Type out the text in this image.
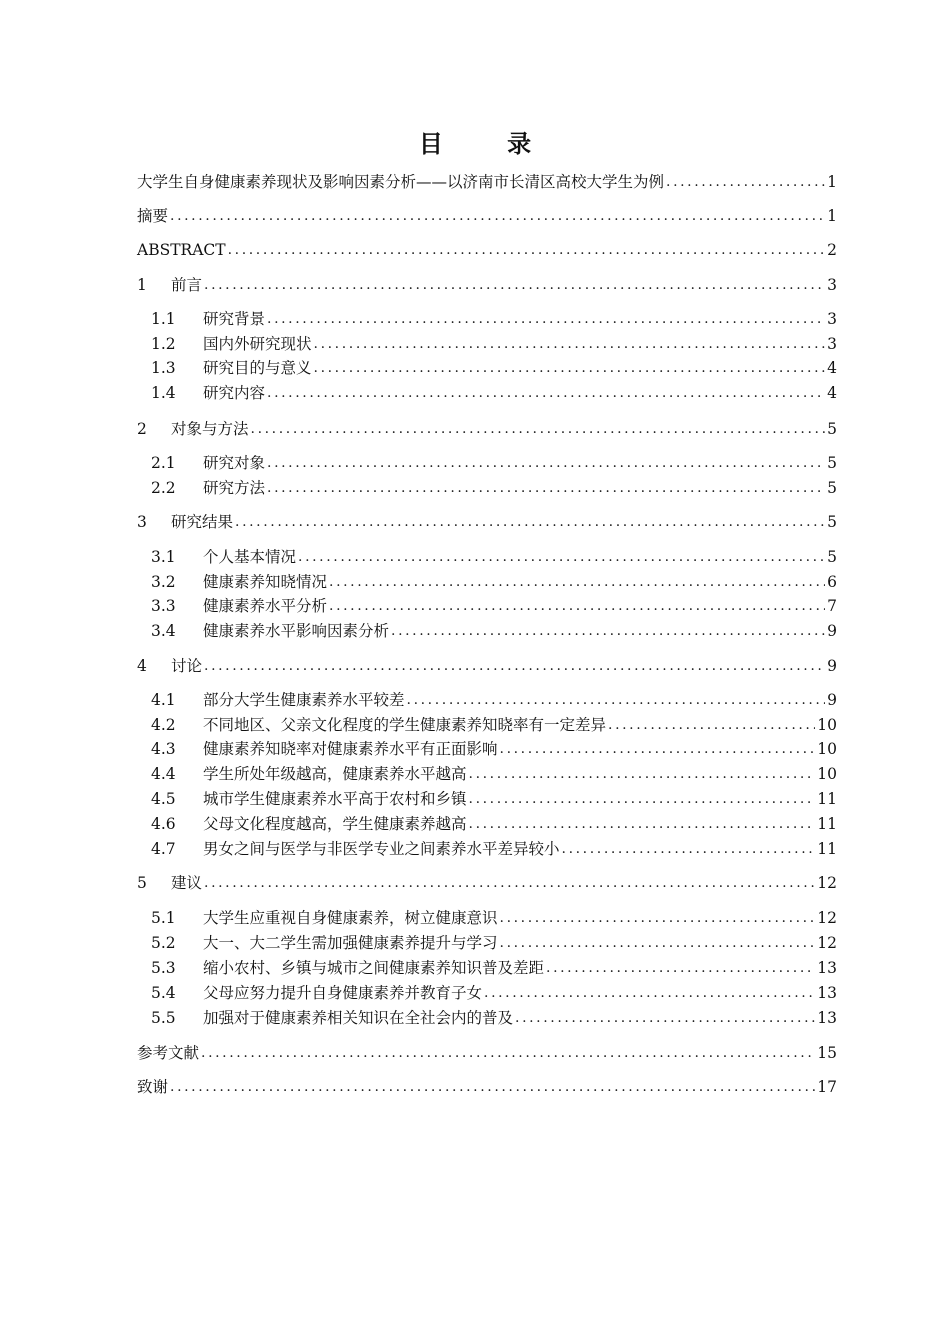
目 录
大学生自身健康素养现状及影响因素分析——以济南市长清区高校大学生为例 .....	1
摘要 .....	1
ABSTRACT .....	2
1	前言 .....	3
1.1	研究背景 .....	3
1.2	国内外研究现状 .....	3
1.3	研究目的与意义 .....	4
1.4	研究内容 .....	4
2	对象与方法 .....	5
2.1	研究对象 .....	5
2.2	研究方法 .....	5
3	研究结果 .....	5
3.1	个人基本情况 .....	5
3.2	健康素养知晓情况 .....	6
3.3	健康素养水平分析 .....	7
3.4	健康素养水平影响因素分析 .....	9
4	讨论 .....	9
4.1	部分大学生健康素养水平较差 .....	9
4.2	不同地区、父亲文化程度的学生健康素养知晓率有一定差异 .....	10
4.3	健康素养知晓率对健康素养水平有正面影响 .....	10
4.4	学生所处年级越高，健康素养水平越高 .....	10
4.5	城市学生健康素养水平高于农村和乡镇 .....	11
4.6	父母文化程度越高，学生健康素养越高 .....	11
4.7	男女之间与医学与非医学专业之间素养水平差异较小 .....	11
5	建议 .....	12
5.1	大学生应重视自身健康素养，树立健康意识 .....	12
5.2	大一、大二学生需加强健康素养提升与学习 .....	12
5.3	缩小农村、乡镇与城市之间健康素养知识普及差距 .....	13
5.4	父母应努力提升自身健康素养并教育子女 .....	13
5.5	加强对于健康素养相关知识在全社会内的普及 .....	13
参考文献 .....	15
致谢 .....	17
